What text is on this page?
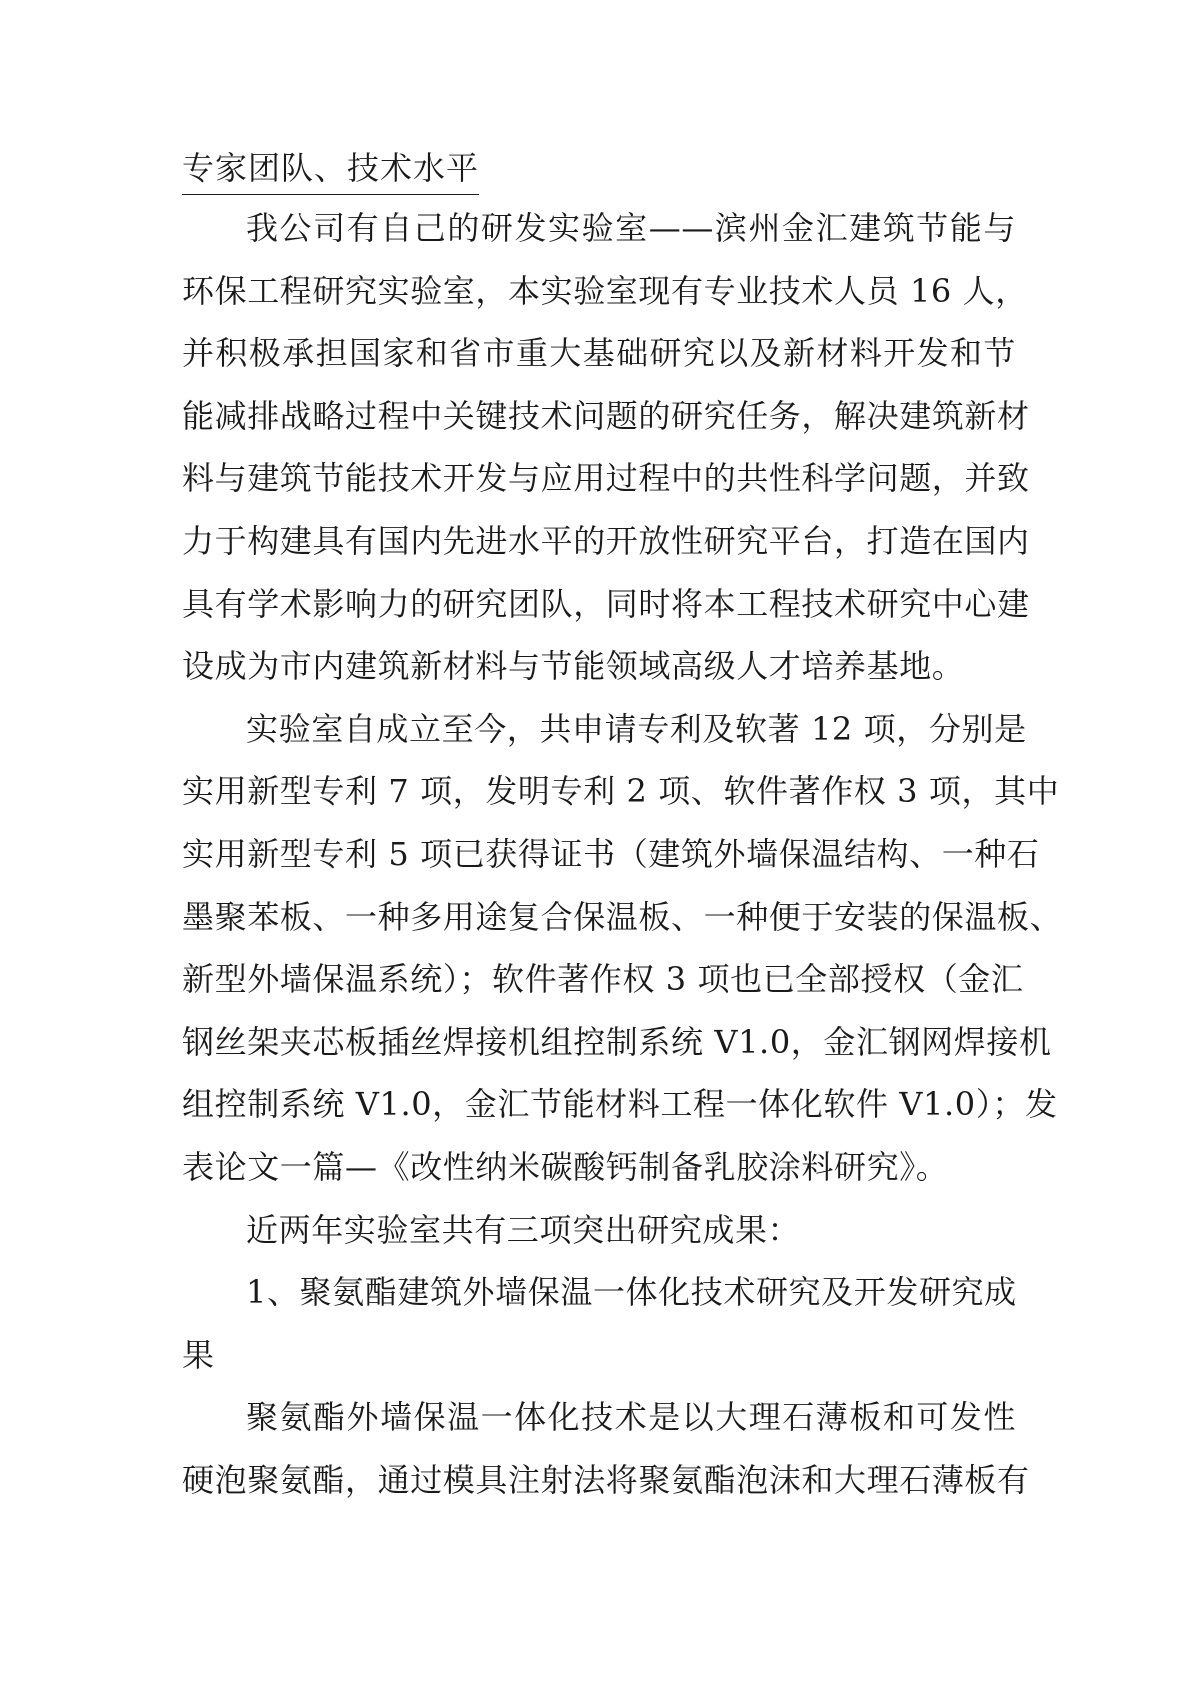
专家团队、技术水平
我公司有自己的研发实验室——滨州金汇建筑节能与
环保工程研究实验室，本实验室现有专业技术人员 16 人，
并积极承担国家和省市重大基础研究以及新材料开发和节
能减排战略过程中关键技术问题的研究任务，解决建筑新材
料与建筑节能技术开发与应用过程中的共性科学问题，并致
力于构建具有国内先进水平的开放性研究平台，打造在国内
具有学术影响力的研究团队，同时将本工程技术研究中心建
设成为市内建筑新材料与节能领域高级人才培养基地。
实验室自成立至今，共申请专利及软著 12 项，分别是
实用新型专利 7 项，发明专利 2 项、软件著作权 3 项，其中
实用新型专利 5 项已获得证书（建筑外墙保温结构、一种石
墨聚苯板、一种多用途复合保温板、一种便于安装的保温板、
新型外墙保温系统）；软件著作权 3 项也已全部授权（金汇
钢丝架夹芯板插丝焊接机组控制系统 V1.0，金汇钢网焊接机
组控制系统 V1.0，金汇节能材料工程一体化软件 V1.0）；发
表论文一篇—《改性纳米碳酸钙制备乳胶涂料研究》。
近两年实验室共有三项突出研究成果：
1、聚氨酯建筑外墙保温一体化技术研究及开发研究成
果
聚氨酯外墙保温一体化技术是以大理石薄板和可发性
硬泡聚氨酯，通过模具注射法将聚氨酯泡沫和大理石薄板有
